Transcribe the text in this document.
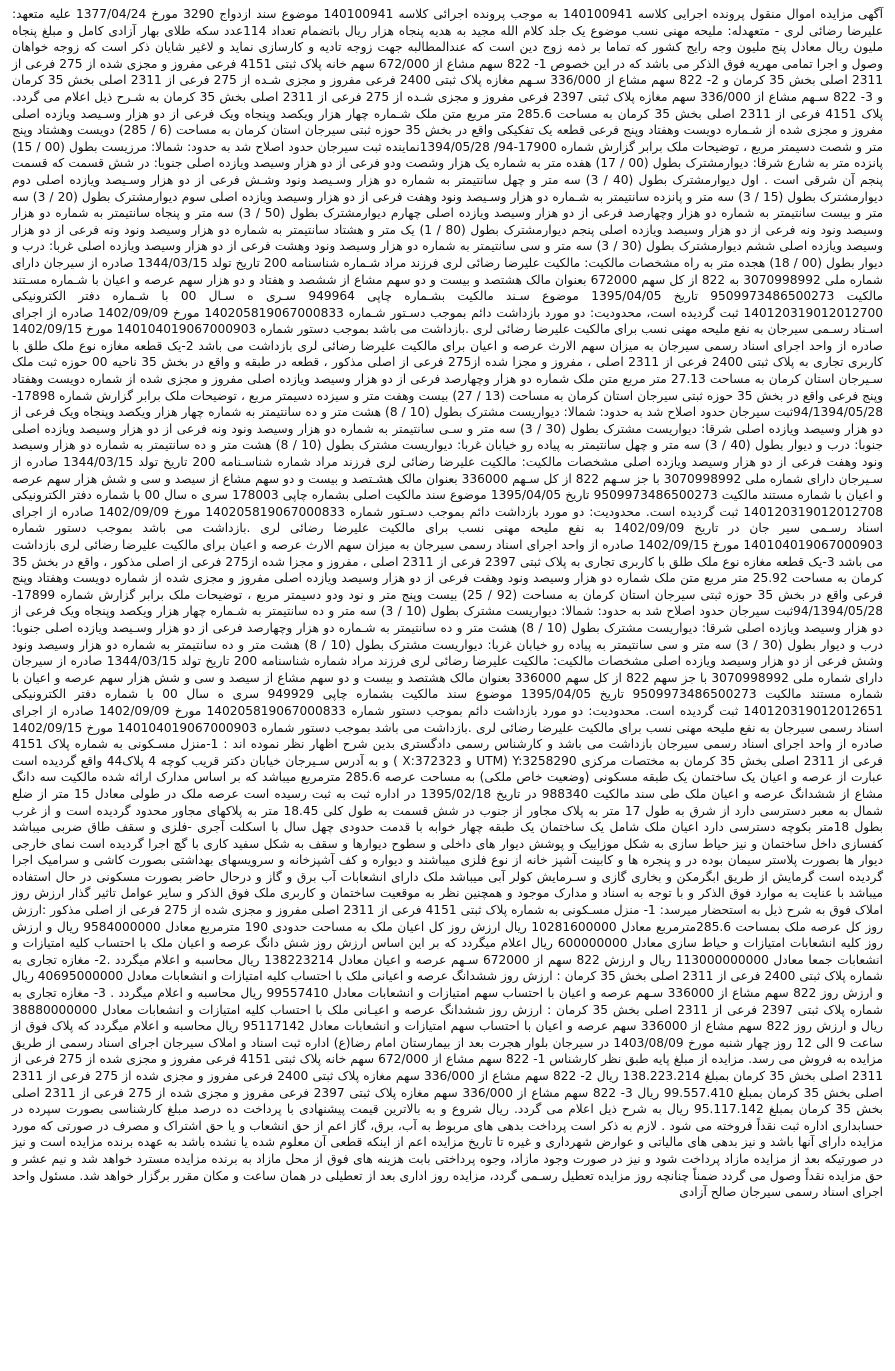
آگهی مزایده اموال منقول پرونده اجرایی کلاسه 140100941 به موجب پرونده اجرائی کلاسه 140100941 موضوع سند ازدواج 3290 مورخ 1377/04/24 علیه متعهد: علیرضا رضائی لری - متعهدله: ملیحه مهنی نسب موضوع یک جلد کلام الله مجید به هدیه پنجاه هزار ریال باتضمام تعداد 114عدد سکه طلای بهار آزادی کامل و مبلغ پنجاه ملیون ریال معادل پنج ملیون وجه رایج کشور که تماما بر ذمه زوج دین است که عندالمطالبه جهت زوجه تادیه و کارسازی نماید و لاغیر شایان ذکر است که زوجه خواهان وصول و اجرا تمامی مهریه فوق الذکر می باشد که در این خصوص 1- 822 سهم مشاع از 672/000 سهم خانه پلاک ثبتی 4151 فرعی مفروز و مجزی شده از 275 فرعی از 2311 اصلی بخش 35 کرمان و 2- 822 سهم مشاع از 336/000 سـهم مغازه پلاک ثبتی 2400 فرعی مفروز و مجزی شـده از 275 فرعی از 2311 اصلی بخش 35 کرمان و 3- 822 سـهم مشاع از 336/000 سهم مغازه پلاک ثبتی 2397 فرعی مفروز و مجزی شـده از 275 فرعی از 2311 اصلی بخش 35 کرمان به شـرح ذیل اعلام می گردد. پلاک 4151 فرعی از 2311 اصلی بخش 35 کرمان به مساحت 285.6 متر مربع متن ملک شـماره چهار هزار ویکصد وپنجاه ویک فرعی از دو هزار وسـیصد ویازده اصلی مفروز و مجزی شده از شـماره دویست وهفتاد وپنج فرعی قطعه یک تفکیکی واقع در بخش 35 حوزه ثبتی سیرجان استان کرمان به مساحت (6 / 285) دویست وهشتاد وپنج متر و شصت دسیمتر مربع ، توضیحات ملک برابر گزارش شماره 17900-94/ 1394/05/28نماینده ثبت سیرجان حدود اصلاح شد به حدود: شمالا: مرزیست بطول (00 / 15) پانزده متر به شارع شرقا: دیوارمشترک بطول (00 / 17) هفده متر به شماره یک هزار وشصت ودو فرعی از دو هزار وسیصد ویازده اصلی جنوبا: در شش قسمت که قسمت پنجم آن شرقی است . اول دیوارمشترک بطول (40 / 3) سه متر و چهل سانتیمتر به شماره دو هزار وسـیصد ونود وشـش فرعی از دو هزار وسـیصد ویازده اصلی دوم دیوارمشترک بطول (15 / 3) سه متر و پانزده سانتیمتر به شـماره دو هزار وسـیصد ونود وهفت فرعی از دو هزار وسیصد ویازده اصلی سوم دیوارمشترک بطول (20 / 3) سه متر و بیست سانتیمتر به شماره دو هزار وچهارصد فرعی از دو هزار وسیصد ویازده اصلی چهارم دیوارمشترک بطول (50 / 3) سه متر و پنجاه سانتیمتر به شماره دو هزار وسیصد ونود ونه فرعی از دو هزار وسیصد ویازده اصلی پنجم دیوارمشترک بطول (80 / 1) یک متر و هشتاد سانتیمتر به شماره دو هزار وسیصد ونود ونه فرعی از دو هزار وسیصد ویازده اصلی ششم دیوارمشترک بطول (30 / 3) سه متر و سی سانتیمتر به شماره دو هزار وسیصد ونود وهشت فرعی از دو هزار وسیصد ویازده اصلی غربا: درب و دیوار بطول (00 / 18) هجده متر به راه مشخصات مالکیت: مالکیت علیرضا رضائی لری فرزند مراد شـماره شناسنامه 200 تاریخ تولد 1344/03/15 صادره از سیرجان دارای شماره ملی 3070998992 به 822 از کل سهم 672000 بعنوان مالک هشتصد و بیست و دو سهم مشاع از ششصد و هفتاد و دو هزار سهم عرصه و اعیان با شـماره مسـتند مالکیت 9509973486500273 تاریخ 1395/04/05 موضوع سـند مالکیت بشـماره چاپی 949964 سـری ه سـال 00 با شـماره دفتر الکترونیکی 140120319012012700 ثبت گردیده است، محدودیت: دو مورد بازداشت دائم بموجب دسـتور شـماره 140205819067000833 مورخ 1402/09/09 صادره از اجرای اسـناد رسـمی سیرجان به نفع ملیحه مهنی نسب برای مالکیت علیرضا رضائی لری .بازداشت می باشد بموجب دستور شماره 140104019067000903 مورخ 1402/09/15 صادره از واحد اجرای اسناد رسمی سیرجان به میزان سهم الارث عرصه و اعیان برای مالکیت علیرضا رضائی لری بازداشت می باشد 2-یک قطعه مغازه نوع ملک طلق با کاربری تجاری به پلاک ثبتی 2400 فرعی از 2311 اصلی ، مفروز و مجزا شده از275 فرعی از اصلی مذکور ، قطعه در طبقه و واقع در بخش 35 ناحیه 00 حوزه ثبت ملک سـیرجان استان کرمان به مساحت 27.13 متر مربع متن ملک شماره دو هزار وچهارصد فرعی از دو هزار وسیصد ویازده اصلی مفروز و مجزی شده از شماره دویست وهفتاد وپنج فرعی واقع در بخش 35 حوزه ثبتی سیرجان استان کرمان به مساحت (13 / 27) بیست وهفت متر و سیزده دسیمتر مربع ، توضیحات ملک برابر گزارش شماره 17898-94/1394/05/28ثبت سیرجان حدود اصلاح شد به حدود: شمالا: دیواریست مشترک بطول (10 / 8) هشت متر و ده سانتیمتر به شماره چهار هزار ویکصد وپنجاه ویک فرعی از دو هزار وسیصد ویازده اصلی شرقا: دیواریست مشترک بطول (30 / 3) سه متر و سـی سانتیمتر به شماره دو هزار وسیصد ونود ونه فرعی از دو هزار وسیصد ویازده اصلی جنوبا: درب و دیوار بطول (40 / 3) سه متر و چهل سانتیمتر به پیاده رو خیابان غربا: دیواریست مشترک بطول (10 / 8) هشت متر و ده سانتیمتر به شماره دو هزار وسیصد ونود وهفت فرعی از دو هزار وسیصد ویازده اصلی مشخصات مالکیت: مالکیت علیرضا رضائی لری فرزند مراد شماره شناسـنامه 200 تاریخ تولد 1344/03/15 صادره از سـیرجان دارای شماره ملی 3070998992 با جز سـهم 822 از کل سـهم 336000 بعنوان مالک هشـتصد و بیست و دو سهم مشاع از سیصد و سی و شش هزار سهم عرصه و اعیان با شماره مستند مالکیت 9509973486500273 تاریخ 1395/04/05 موضوع سند مالکیت اصلی بشماره چاپی 178003 سری ه سال 00 با شماره دفتر الکترونیکی 140120319012012708 ثبت گردیده است. محدودیت: دو مورد بازداشت دائم بموجب دسـتور شماره 140205819067000833 مورخ 1402/09/09 صادره از اجرای اسناد رسـمی سیر جان در تاریخ 1402/09/09 به نفع ملیحه مهنی نسب برای مالکیت علیرضا رضائی لری .بازداشت می باشد بموجب دستور شماره 140104019067000903 مورخ 1402/09/15 صادره از واحد اجرای اسناد رسمی سیرجان به میزان سهم الارث عرصه و اعیان برای مالکیت علیرضا رضائی لری بازداشت می باشد 3-یک قطعه مغازه نوع ملک طلق با کاربری تجاری به پلاک ثبتی 2397 فرعی از 2311 اصلی ، مفروز و مجزا شده از275 فرعی از اصلی مذکور ، واقع در بخش 35 کرمان به مساحت 25.92 متر مربع متن ملک شماره دو هزار وسیصد ونود وهفت فرعی از دو هزار وسیصد ویازده اصلی مفروز و مجزی شده از شماره دویست وهفتاد وپنج فرعی واقع در بخش 35 حوزه ثبتی سیرجان استان کرمان به مساحت (92 / 25) بیست وپنج متر و نود ودو دسیمتر مربع ، توضیحات ملک برابر گزارش شماره 17899-94/1394/05/28ثبت سیرجان حدود اصلاح شد به حدود: شمالا: دیواریست مشترک بطول (10 / 3) سه متر و ده سانتیمتر به شـماره چهار هزار ویکصد وپنجاه ویک فرعی از دو هزار وسیصد ویازده اصلی شرقا: دیواریست مشترک بطول (10 / 8) هشت متر و ده سانتیمتر به شـماره دو هزار وچهارصد فرعی از دو هزار وسـیصد ویازده اصلی جنوبا: درب و دیوار بطول (30 / 3) سه متر و سی سانتیمتر به پیاده رو خیابان غربا: دیواریست مشترک بطول (10 / 8) هشت متر و ده سانتیمتر به شماره دو هزار وسیصد ونود وشش فرعی از دو هزار وسیصد ویازده اصلی مشخصات مالکیت: مالکیت علیرضا رضائی لری فرزند مراد شماره شناسنامه 200 تاریخ تولد 1344/03/15 صادره از سیرجان دارای شماره ملی 3070998992 با جز سهم 822 از کل سهم 336000 بعنوان مالک هشتصد و بیست و دو سهم مشاع از سیصد و سی و شش هزار سهم عرصه و اعیان با شماره مستند مالکیت 9509973486500273 تاریخ 1395/04/05 موضوع سند مالکیت بشماره چاپی 949929 سری ه سال 00 با شماره دفتر الکترونیکی 140120319012012651 ثبت گردیده است. محدودیت: دو مورد بازداشت دائم بموجب دستور شماره 140205819067000833 مورخ 1402/09/09 صادره از اجرای اسناد رسمی سیرجان به نفع ملیحه مهنی نسب برای مالکیت علیرضا رضائی لری .بازداشت می باشد بموجب دستور شماره 140104019067000903 مورخ 1402/09/15 صادره از واحد اجرای اسناد رسمی سیرجان بازداشت می باشد و کارشناس رسمی دادگستری بدین شرح اظهار نظر نموده اند : 1-منزل مسـکونی به شماره پلاک 4151 فرعی از 2311 اصلی بخش 35 کرمان به مختصات مرکزی Y:3258290 (UTM و X:372323 ) و به آدرس سـیرجان خیابان دکتر قریب کوچه 4 پلاک44 واقع گردیده است عبارت از عرصه و اعیان یک ساختمان یک طبقه مسکونی (وضعیت خاص ملکی) به مساحت عرصه 285.6 مترمربع میباشد که بر اساس مدارک ارائه شده مالکیت سه دانگ مشاع از ششدانگ عرصه و اعیان ملک طی سند مالکیت 988340 در تاریخ 1395/02/18 در اداره ثبت به ثبت رسیده است عرصه ملک در طولی معادل 15 متر از ضلع شمال به معبر دسترسی دارد از شرق به طول 17 متر به پلاک مجاور از جنوب در شش قسمت به طول کلی 18.45 متر به پلاکهای مجاور محدود گردیده است و از غرب بطول 18متر بکوچه دسترسی دارد اعیان ملک شامل یک ساختمان یک طبقه چهار خوابه با قدمت حدودی چهل سال با اسکلت آجری -فلزی و سقف طاق ضربی میباشد کفسازی داخل ساختمان و نیز حیاط سازی به شکل موزاییک و پوشش دیوار های داخلی و سطوح دیوارها و سقف به شکل سفید کاری با گچ اجرا گردیده است نمای خارجی دیوار ها بصورت پلاستر سیمان بوده در و پنجره ها و کابینت آشپز خانه از نوع فلزی میباشند و دیواره و کف آشپزخانه و سرویسهای بهداشتی بصورت کاشی و سرامیک اجرا گردیده است گرمایش از طریق ابگرمکن و بخاری گازی و سـرمایش کولر آبی میباشد ملک دارای انشعابات آب برق و گاز و درحال حاضر بصورت مسکونی در حال استفاده میباشد با عنایت به موارد فوق الذکر و با توجه به اسناد و مدارک موجود و همچنین نظر به موقعیت ساختمان و کاربری ملک فوق الذکر و سایر عوامل تاثیر گذار ارزش روز املاک فوق به شرح ذیل به استحضار میرسد: 1- منزل مسـکونی به شماره پلاک ثبتی 4151 فرعی از 2311 اصلی مفروز و مجزی شده از 275 فرعی از اصلی مذکور :ارزش روز کل عرصه ملک بمساحت 285.6مترمربع معادل 10281600000 ریال ارزش روز کل اعیان ملک به مساحت حدودی 190 مترمربع معادل 9584000000 ریال و ارزش روز کلیه انشعابات امتیازات و حیاط سازی معادل 600000000 ریال اعلام میگردد که بر این اساس ارزش روز شش دانگ عرصه و اعیان ملک با احتساب کلیه امتیازات و انشعابات جمعا معادل 113000000000 ریال و ارزش 822 سهم از 672000 سـهم عرصه و اعیان معادل 138223214 ریال محاسبه و اعلام میگردد .2- مغازه تجاری به شماره پلاک ثبتی 2400 فرعی از 2311 اصلی بخش 35 کرمان : ارزش روز ششدانگ عرصه و اعیانی ملک با احتساب کلیه امتیازات و انشعابات معادل 40695000000 ریال و ارزش روز 822 سهم مشاع از 336000 سـهم عرصه و اعیان با احتساب سهم امتیازات و انشعابات معادل 99557410 ریال محاسبه و اعلام میگردد . 3- مغازه تجاری به شماره پلاک ثبتی 2397 فرعی از 2311 اصلی بخش 35 کرمان : ارزش روز ششدانگ عرصه و اعیـانی ملک با احتساب کلیه امتیازات و انشعابات معادل 38880000000 ریال و ارزش روز 822 سهم مشاع از 336000 سهم عرصه و اعیان با احتساب سهم امتیازات و انشعابات معادل 95117142 ریال محاسبه و اعلام میگردد که پلاک فوق از ساعت 9 الی 12 روز چهار شنبه مورخ 1403/08/09 در سیرجان بلوار هجرت بعد از بیمارستان امام رضا(ع) اداره ثبت اسناد و املاک سیرجان اجرای اسناد رسمی از طریق مزایده به فروش می رسد. مزایده از مبلغ پایه طبق نظر کارشناس 1- 822 سهم مشاع از 672/000 سهم خانه پلاک ثبتی 4151 فرعی مفروز و مجزی شده از 275 فرعی از 2311 اصلی بخش 35 کرمان بمبلغ 138.223.214 ریال 2- 822 سهم مشاع از 336/000 سهم مغازه پلاک ثبتی 2400 فرعی مفروز و مجزی شده از 275 فرعی از 2311 اصلی بخش 35 کرمان بمبلغ 99.557.410 ریال 3- 822 سهم مشاع از 336/000 سهم مغازه پلاک ثبتی 2397 فرعی مفروز و مجزی شده از 275 فرعی از 2311 اصلی بخش 35 کرمان بمبلغ 95.117.142 ریال به شرح ذیل اعلام می گردد. ریال شروع و به بالاترین قیمت پیشنهادی با پرداخت ده درصد مبلغ کارشناسی بصورت سپرده در حسابداری اداره ثبت نقداً فروخته می شود . لازم به ذکر است پرداخت بدهی های مربوط به آب، برق، گاز اعم از حق انشعاب و یا حق اشتراک و مصرف در صورتی که مورد مزایده دارای آنها باشد و نیز بدهی های مالیاتی و عوارض شهرداری و غیره تا تاریخ مزایده اعم از اینکه قطعی آن معلوم شده یا نشده باشد به عهده برنده مزایده است و نیز در صورتیکه بعد از مزایده مازاد پرداخت شود و نیز در صورت وجود مازاد، وجوه پرداختی بابت هزینه های فوق از محل مازاد به برنده مزایده مسترد خواهد شد و نیم عشر و حق مزایده نقداً وصول می گردد ضمناً چنانچه روز مزایده تعطیل رسـمی گردد، مزایده روز اداری بعد از تعطیلی در همان ساعت و مکان مقرر برگزار خواهد شد. مسئول واحد اجرای اسناد رسمی سیرجان صالح آزادی
